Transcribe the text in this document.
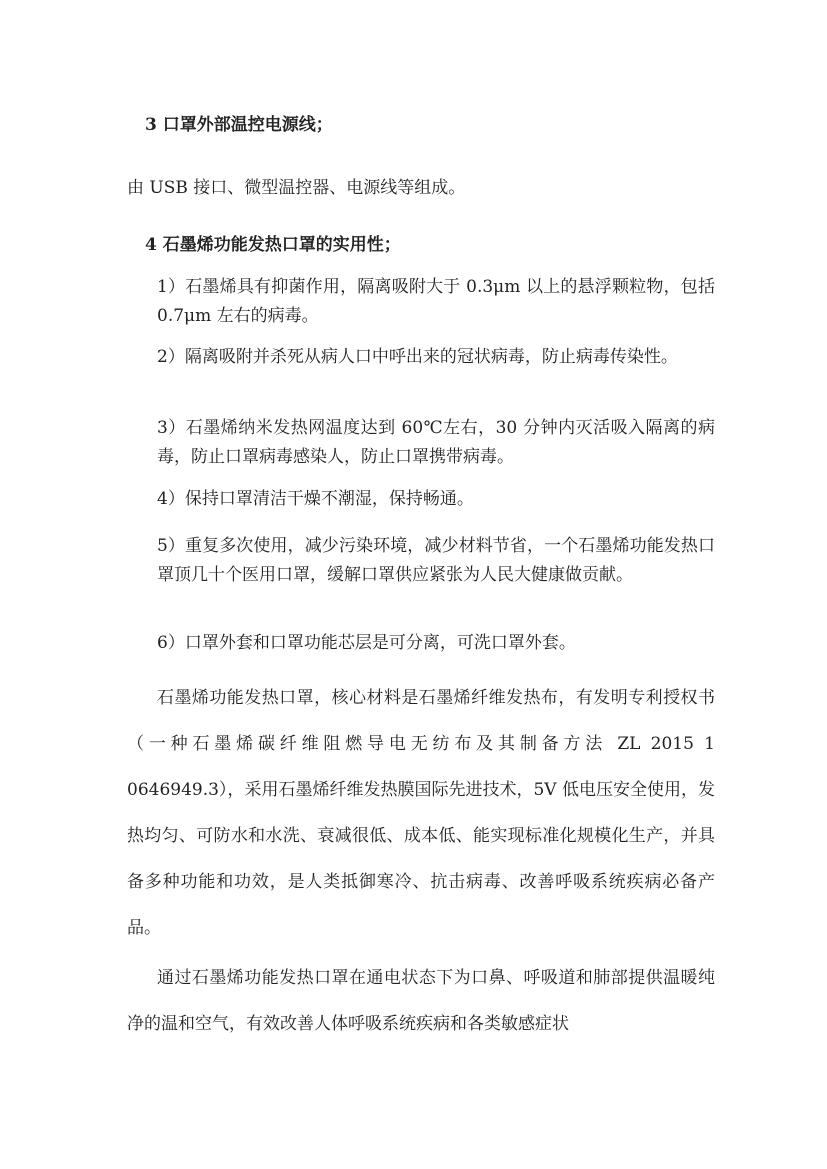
3 口罩外部温控电源线；
由 USB 接口、微型温控器、电源线等组成。
4 石墨烯功能发热口罩的实用性；
1）石墨烯具有抑菌作用，隔离吸附大于 0.3μm 以上的悬浮颗粒物，包括 0.7μm 左右的病毒。
2）隔离吸附并杀死从病人口中呼出来的冠状病毒，防止病毒传染性。
3）石墨烯纳米发热网温度达到 60℃左右，30 分钟内灭活吸入隔离的病毒，防止口罩病毒感染人，防止口罩携带病毒。
4）保持口罩清洁干燥不潮湿，保持畅通。
5）重复多次使用，减少污染环境，减少材料节省，一个石墨烯功能发热口罩顶几十个医用口罩，缓解口罩供应紧张为人民大健康做贡献。
6）口罩外套和口罩功能芯层是可分离，可洗口罩外套。
石墨烯功能发热口罩，核心材料是石墨烯纤维发热布，有发明专利授权书（一种石墨烯碳纤维阻燃导电无纺布及其制备方法 ZL 2015 1 0646949.3），采用石墨烯纤维发热膜国际先进技术，5V 低电压安全使用，发热均匀、可防水和水洗、衰减很低、成本低、能实现标准化规模化生产，并具备多种功能和功效，是人类抵御寒冷、抗击病毒、改善呼吸系统疾病必备产品。
通过石墨烯功能发热口罩在通电状态下为口鼻、呼吸道和肺部提供温暖纯净的温和空气，有效改善人体呼吸系统疾病和各类敏感症状
